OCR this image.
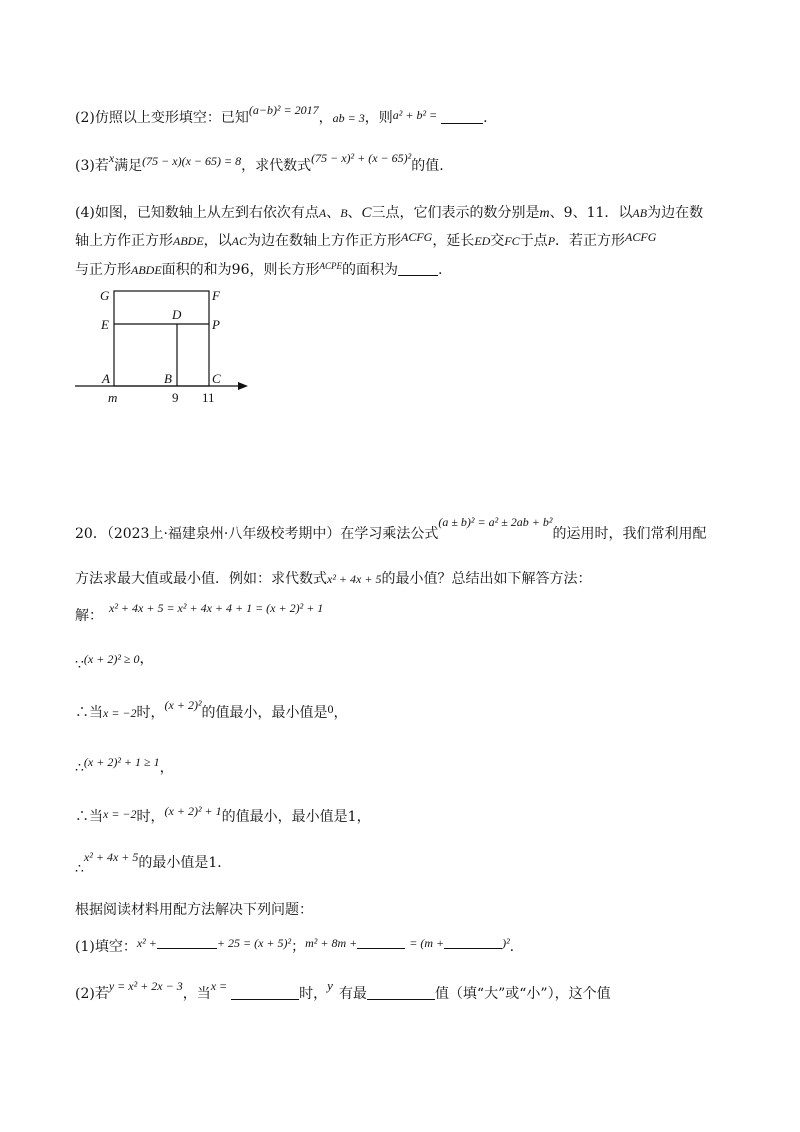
(2)仿照以上变形填空：已知(a−b)² = 2017，ab = 3，则a² + b² =	.
(3)若x满足(75 − x)(x − 65) = 8，求代数式(75 − x)² + (x − 65)²的值.
(4)如图，已知数轴上从左到右依次有点A、B、C三点，它们表示的数分别是m、9、11．以AB为边在数
轴上方作正方形ABDE，以AC为边在数轴上方作正方形ACFG，延长ED交FC于点P．若正方形ACFG
与正方形ABDE面积的和为96，则长方形$^{ACPE}$的面积为	.
G	F
E
D
P
A	B	C
m	9 11
20．（2023上·福建泉州·八年级校考期中）在学习乘法公式(a ± b)² = a² ± 2ab + b²的运用时，我们常利用配
方法求最大值或最小值．例如：求代数式x² + 4x + 5的最小值？总结出如下解答方法：
解： x² + 4x + 5 = x² + 4x + 4 + 1 = (x + 2)² + 1
∵(x + 2)² ≥ 0，
∴当x = −2时，(x + 2)²的值最小，最小值是0，
∴(x + 2)² + 1 ≥ 1，
∴当x = −2时，(x + 2)² + 1的值最小，最小值是1，
∴x² + 4x + 5的最小值是1．
根据阅读材料用配方法解决下列问题：
(1)填空：x² +	+ 25 = (x + 5)²；m² + 8m +	= (m +	)².
(2)若y = x² + 2x − 3，当x =	时，y有最	值（填“大”或“小”），这个值
